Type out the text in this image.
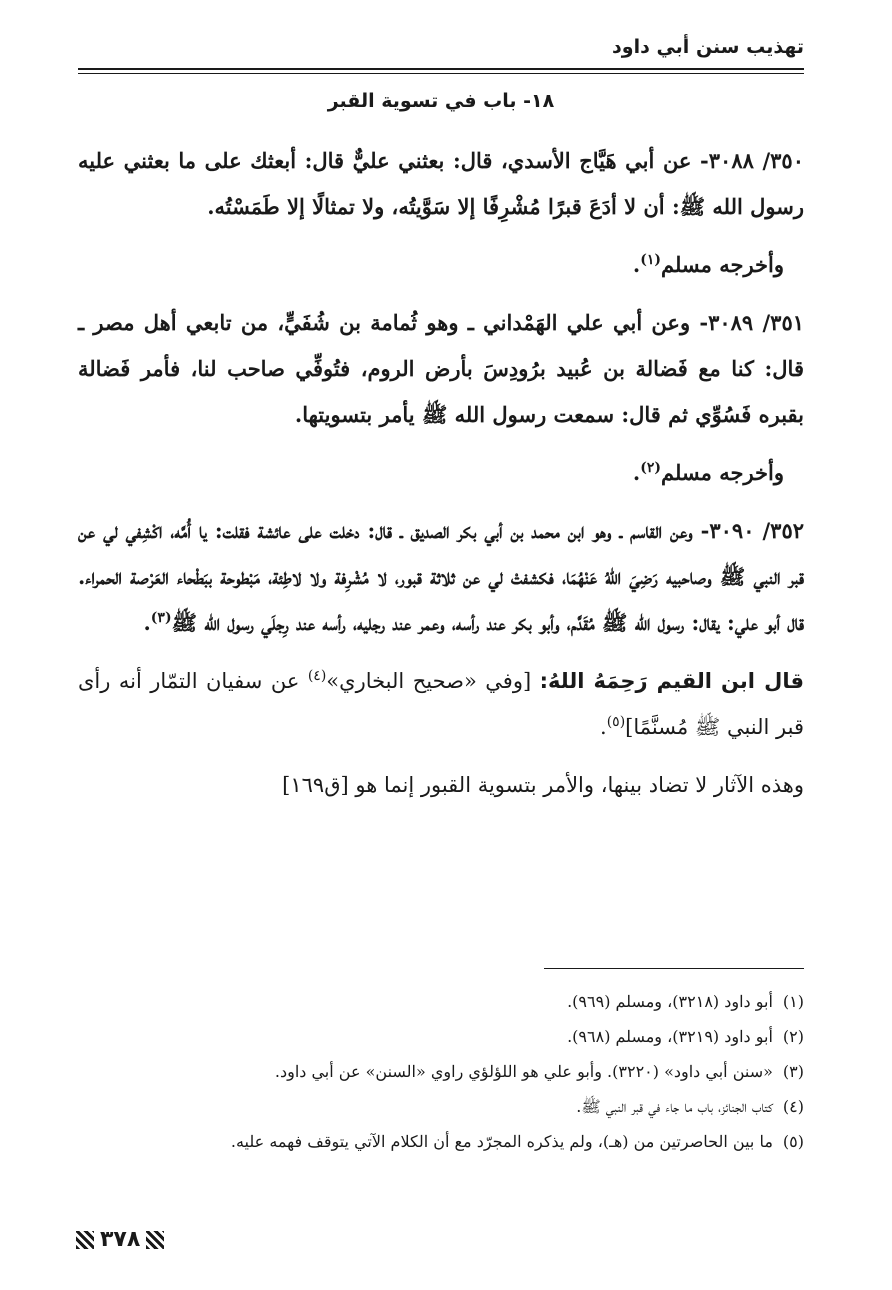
تهذيب سنن أبي داود
١٨- باب في تسوية القبر

٣٥٠/ ٣٠٨٨- عن أبي هَيَّاج الأسدي، قال: بعثني عليٌّ قال: أبعثك على ما بعثني عليه رسول الله ﷺ: أن لا أدَعَ قبرًا مُشْرِفًا إلا سَوَّيتُه، ولا تمثالًا إلا طَمَسْتُه.

وأخرجه مسلم$^{(١)}$.

٣٥١/ ٣٠٨٩- وعن أبي علي الهَمْداني ـ وهو ثُمامة بن شُفَيٍّ، من تابعي أهل مصر ـ قال: كنا مع فَضالة بن عُبيد برُودِسَ بأرض الروم، فتُوفِّي صاحب لنا، فأمر فَضالة بقبره فَسُوِّي ثم قال: سمعت رسول الله ﷺ يأمر بتسويتها.

وأخرجه مسلم$^{(٢)}$.

٣٥٢/ ٣٠٩٠- وعن القاسم ـ وهو ابن محمد بن أبي بكر الصديق ـ قال: دخلت على عائشة فقلت: يا أُمَّه، اكْشِفي لي عن قبر النبي ﷺ وصاحبيه رَضِيَ اللهُ عَنْهُمَا، فكشفتْ لي عن ثلاثة قبور، لا مُشْرِفة ولا لاطِئة، مَبْطوحة ببَطْحاء العَرْصة الحمراء. قال أبو علي: يقال: رسول الله ﷺ مُقَدَّم، وأبو بكر عند رأسه، وعمر عند رجليه، رأسه عند رِجلَي رسول الله ﷺ$^{(٣)}$.

قال ابن القيم رَحِمَهُ اللهُ: [وفي «صحيح البخاري»$^{(٤)}$ عن سفيان التمّار أنه رأى قبر النبي ﷺ مُسنَّمًا]$^{(٥)}$.

وهذه الآثار لا تضاد بينها، والأمر بتسوية القبور إنما هو [ق١٦٩]

(١)
أبو داود (٣٢١٨)، ومسلم (٩٦٩).
(٢)
أبو داود (٣٢١٩)، ومسلم (٩٦٨).
(٣)
«سنن أبي داود» (٣٢٢٠). وأبو علي هو اللؤلؤي راوي «السنن» عن أبي داود.
(٤)
كتاب الجنائز، باب ما جاء في قبر النبي ﷺ.
(٥)
ما بين الحاصرتين من (هـ)، ولم يذكره المجرّد مع أن الكلام الآتي يتوقف فهمه عليه.
٣٧٨
